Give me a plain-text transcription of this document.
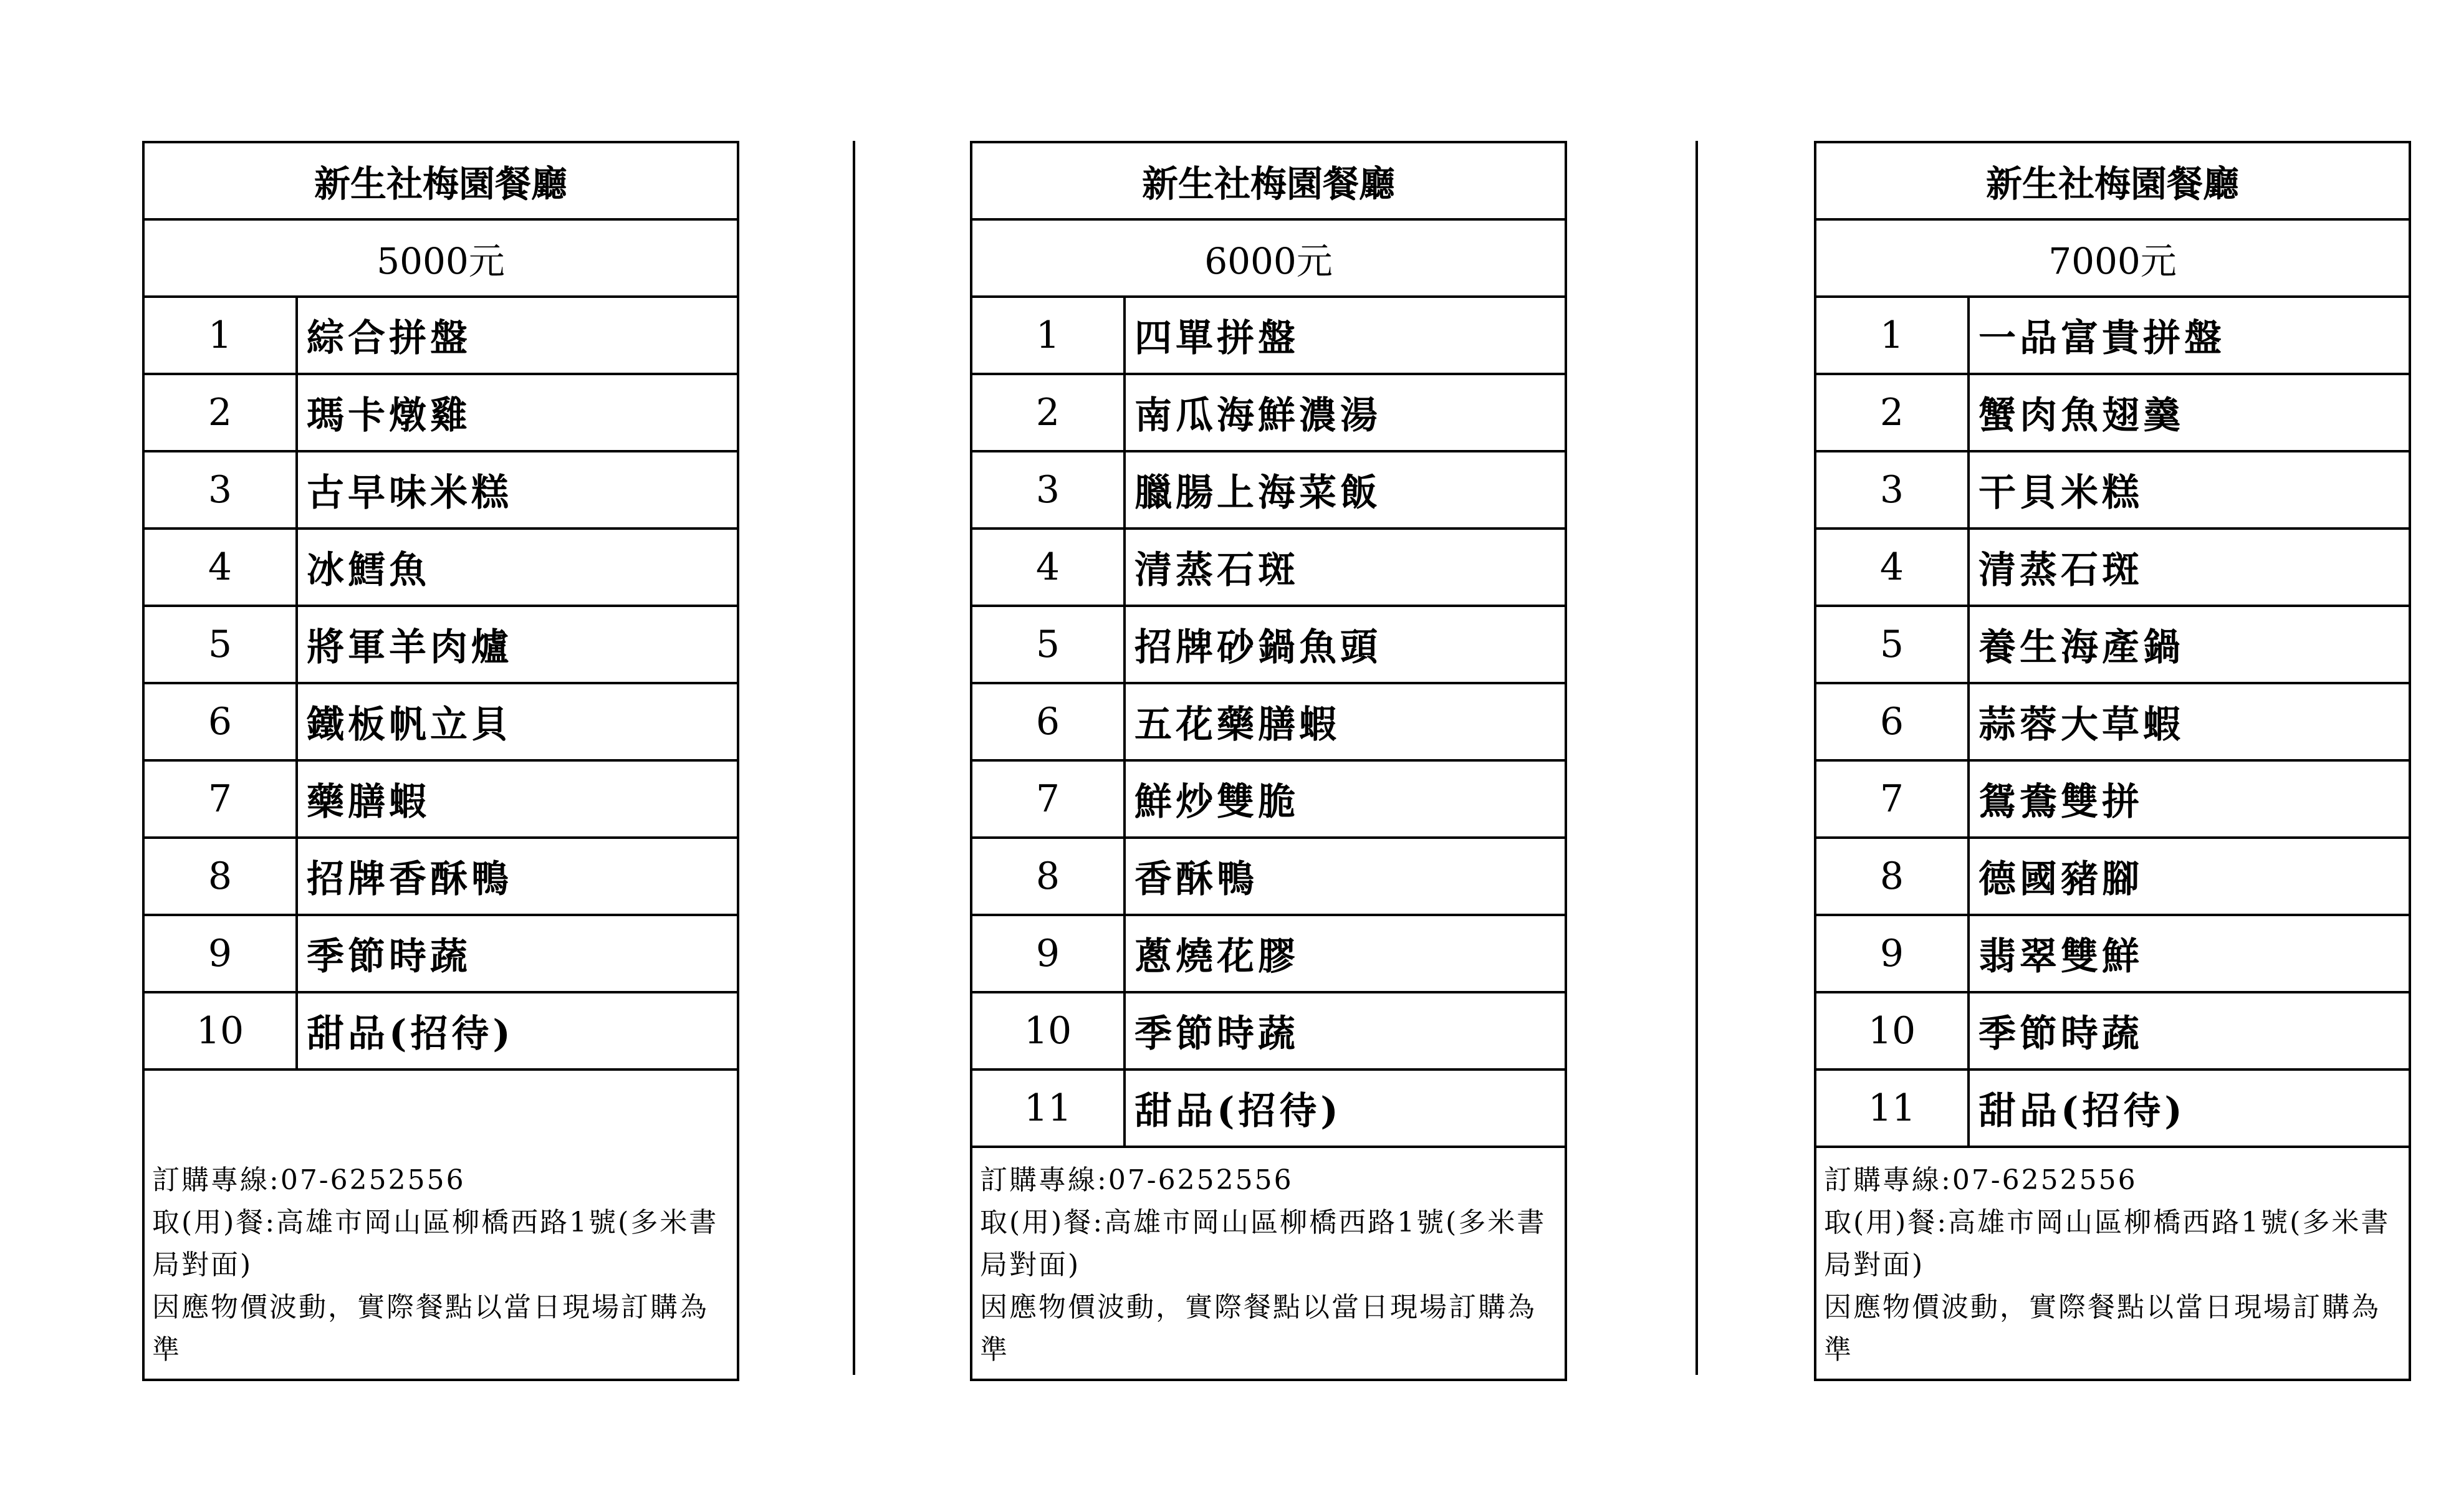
新生社梅園餐廳
5000元
1	綜合拼盤
2	瑪卡燉雞
3	古早味米糕
4	冰鱈魚
5	將軍羊肉爐
6	鐵板帆立貝
7	藥膳蝦
8	招牌香酥鴨
9	季節時蔬
10	甜品(招待)
訂購專線:07-6252556
取(用)餐:高雄市岡山區柳橋西路1號(多米書局對面)
因應物價波動，實際餐點以當日現場訂購為準
新生社梅園餐廳
6000元
1	四單拼盤
2	南瓜海鮮濃湯
3	臘腸上海菜飯
4	清蒸石斑
5	招牌砂鍋魚頭
6	五花藥膳蝦
7	鮮炒雙脆
8	香酥鴨
9	蔥燒花膠
10	季節時蔬
11	甜品(招待)
訂購專線:07-6252556
取(用)餐:高雄市岡山區柳橋西路1號(多米書局對面)
因應物價波動，實際餐點以當日現場訂購為準
新生社梅園餐廳
7000元
1	一品富貴拼盤
2	蟹肉魚翅羹
3	干貝米糕
4	清蒸石斑
5	養生海產鍋
6	蒜蓉大草蝦
7	鴛鴦雙拼
8	德國豬腳
9	翡翠雙鮮
10	季節時蔬
11	甜品(招待)
訂購專線:07-6252556
取(用)餐:高雄市岡山區柳橋西路1號(多米書局對面)
因應物價波動，實際餐點以當日現場訂購為準
